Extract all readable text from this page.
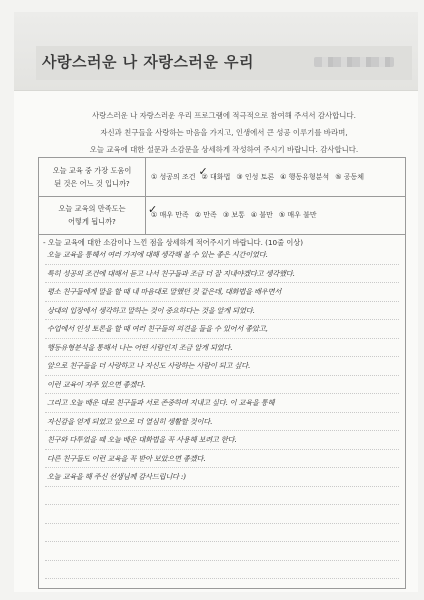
사랑스러운 나 자랑스러운 우리
사랑스러운 나 자랑스러운 우리 프로그램에 적극적으로 참여해 주셔서 감사합니다.
자신과 친구들을 사랑하는 마음을 가지고, 인생에서 큰 성공 이루기를 바라며,
오늘 교육에 대한 설문과 소감문을 상세하게 작성하여 주시기 바랍니다. 감사합니다.
오늘 교육 중 가장 도움이
된 것은 어느 것 입니까?
① 성공의 조건 ✓
② 대화법 ③ 인성 토론 ④ 행동유형분석 ⑤ 공동체
오늘 교육의 만족도는
어떻게 됩니까?
✓
① 매우 만족 ② 만족 ③ 보통 ④ 불만 ⑤ 매우 불만
- 오늘 교육에 대한 소감이나 느낀 점을 상세하게 적어주시기 바랍니다. (10줄 이상)
오늘 교육을 통해서 여러 가지에 대해 생각해 볼 수 있는 좋은 시간이었다.
특히 성공의 조건에 대해서 듣고 나서 친구들과 조금 더 잘 지내야겠다고 생각했다.
평소 친구들에게 말을 할 때 내 마음대로 말했던 것 같은데, 대화법을 배우면서
상대의 입장에서 생각하고 말하는 것이 중요하다는 것을 알게 되었다.
수업에서 인성 토론을 할 때 여러 친구들의 의견을 들을 수 있어서 좋았고,
행동유형분석을 통해서 나는 어떤 사람인지 조금 알게 되었다.
앞으로 친구들을 더 사랑하고 나 자신도 사랑하는 사람이 되고 싶다.
이런 교육이 자주 있으면 좋겠다.
그리고 오늘 배운 대로 친구들과 서로 존중하며 지내고 싶다. 이 교육을 통해
자신감을 얻게 되었고 앞으로 더 열심히 생활할 것이다.
친구와 다투었을 때 오늘 배운 대화법을 꼭 사용해 보려고 한다.
다른 친구들도 이런 교육을 꼭 받아 보았으면 좋겠다.
오늘 교육을 해 주신 선생님께 감사드립니다 :)
